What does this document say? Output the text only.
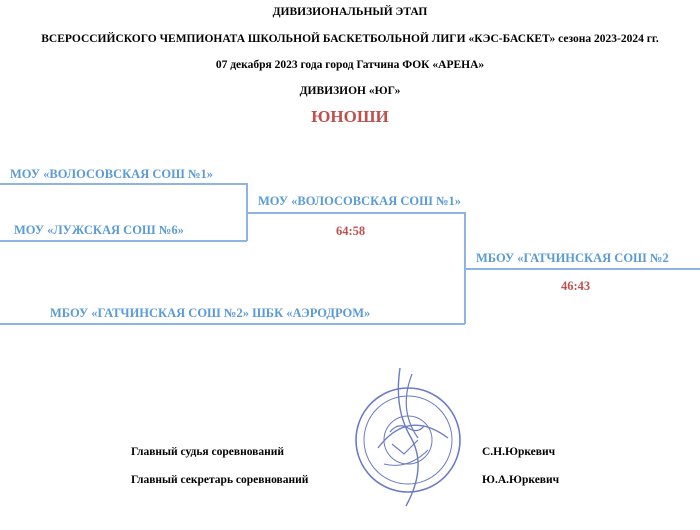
ДИВИЗИОНАЛЬНЫЙ ЭТАП
ВСЕРОССИЙСКОГО ЧЕМПИОНАТА ШКОЛЬНОЙ БАСКЕТБОЛЬНОЙ ЛИГИ «КЭС-БАСКЕТ» сезона 2023-2024 гг.
07 декабря 2023 года город Гатчина ФОК «АРЕНА»
ДИВИЗИОН «ЮГ»
ЮНОШИ
МОУ «ВОЛОСОВСКАЯ СОШ №1»
МОУ «ЛУЖСКАЯ СОШ №6»
МОУ «ВОЛОСОВСКАЯ СОШ №1»
64:58
МБОУ «ГАТЧИНСКАЯ СОШ №2» ШБК «АЭРОДРОМ»
МБОУ «ГАТЧИНСКАЯ СОШ №2
46:43
Главный судья соревнований	С.Н.Юркевич
Главный секретарь соревнований	Ю.А.Юркевич
